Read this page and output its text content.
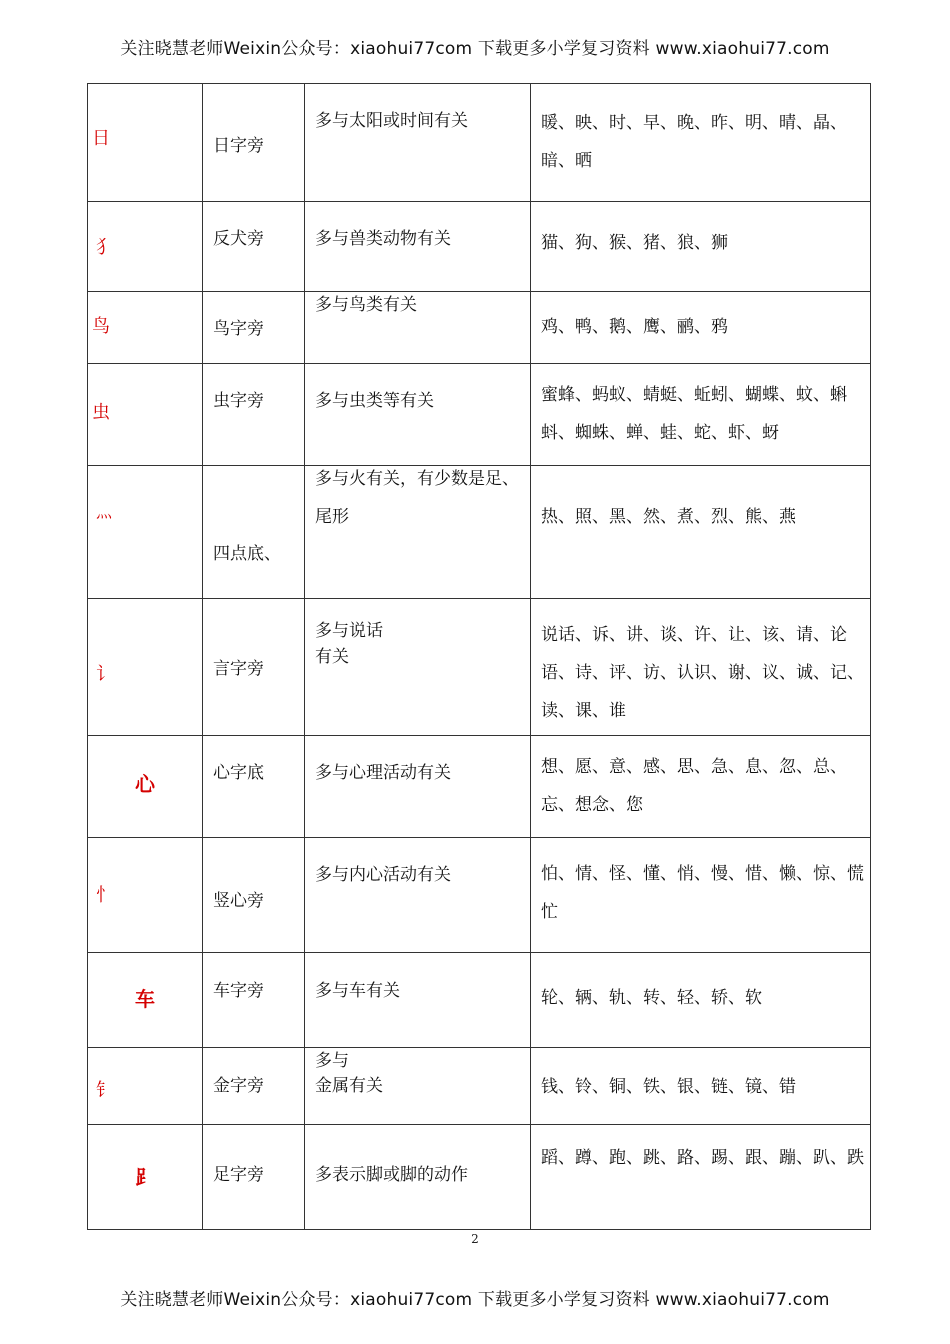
关注晓慧老师Weixin公众号：xiaohui77com 下载更多小学复习资料 www.xiaohui77.com
日	日字旁	多与太阳或时间有关	暖、映、时、早、晚、昨、明、晴、晶、暗、晒

犭	反犬旁	多与兽类动物有关	猫、狗、猴、猪、狼、狮

鸟	鸟字旁	多与鸟类有关	鸡、鸭、鹅、鹰、鹂、鸦

虫	虫字旁	多与虫类等有关	蜜蜂、蚂蚁、蜻蜓、蚯蚓、蝴蝶、蚊、蝌蚪、蜘蛛、蝉、蛙、蛇、虾、蚜

灬	四点底、	多与火有关，有少数是足、尾形	热、照、黑、然、煮、烈、熊、燕

讠	言字旁	多与说话
有关	说话、诉、讲、谈、许、让、该、请、论语、诗、评、访、认识、谢、议、诚、记、读、课、谁

心	心字底	多与心理活动有关	想、愿、意、感、思、急、息、忽、总、忘、想念、您

忄	竖心旁	多与内心活动有关	怕、情、怪、懂、悄、慢、惜、懒、惊、慌忙

车	车字旁	多与车有关	轮、辆、轨、转、轻、轿、软

钅	金字旁	多与
金属有关	钱、铃、铜、铁、银、链、镜、错

⻊	足字旁	多表示脚或脚的动作	蹈、蹲、跑、跳、路、踢、跟、蹦、趴、跌
2
关注晓慧老师Weixin公众号：xiaohui77com 下载更多小学复习资料 www.xiaohui77.com
